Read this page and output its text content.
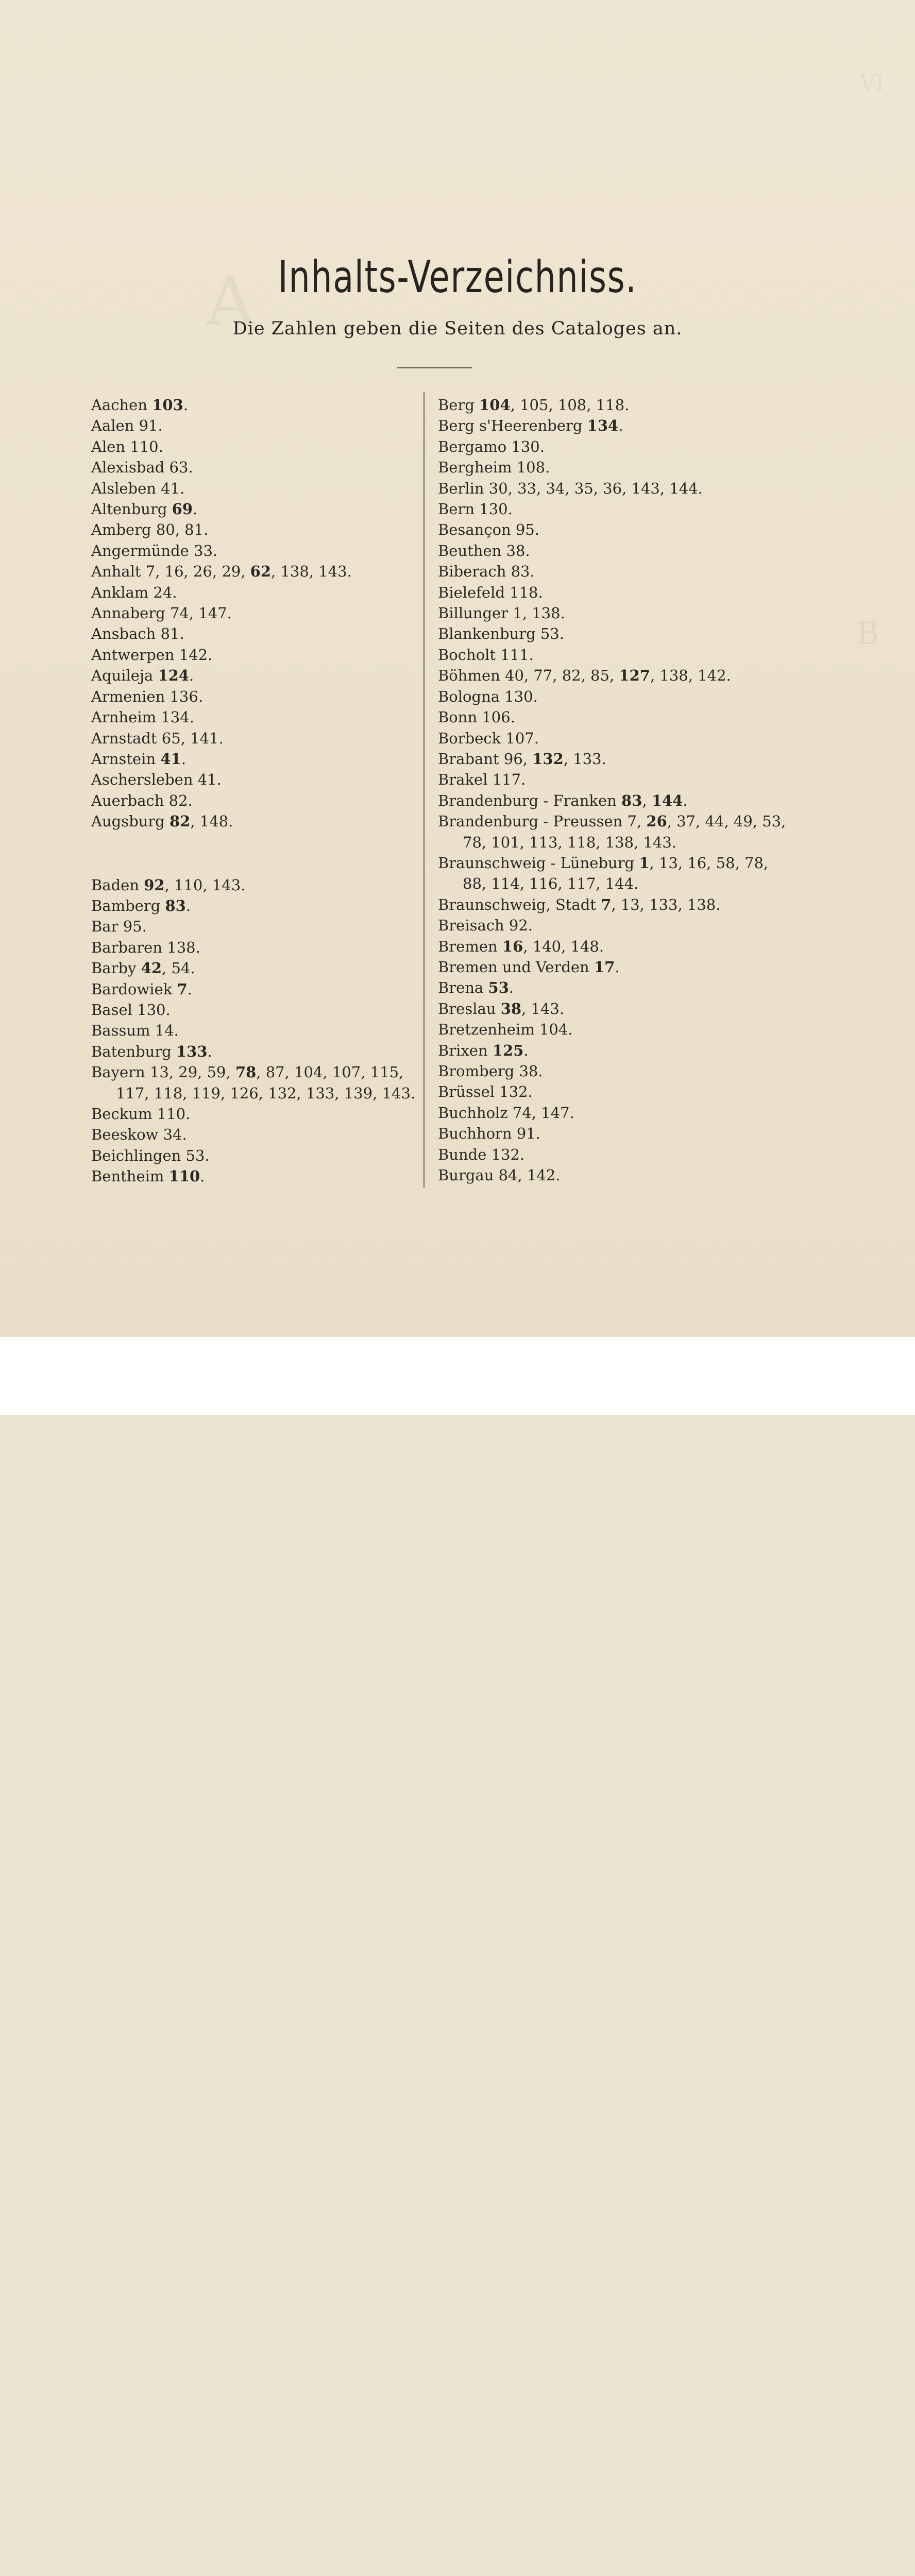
VI
A
B
Inhalts-Verzeichniss.
Die Zahlen geben die Seiten des Cataloges an.
Aachen 103.
Aalen 91.
Alen 110.
Alexisbad 63.
Alsleben 41.
Altenburg 69.
Amberg 80, 81.
Angermünde 33.
Anhalt 7, 16, 26, 29, 62, 138, 143.
Anklam 24.
Annaberg 74, 147.
Ansbach 81.
Antwerpen 142.
Aquileja 124.
Armenien 136.
Arnheim 134.
Arnstadt 65, 141.
Arnstein 41.
Aschersleben 41.
Auerbach 82.
Augsburg 82, 148.
Baden 92, 110, 143.
Bamberg 83.
Bar 95.
Barbaren 138.
Barby 42, 54.
Bardowiek 7.
Basel 130.
Bassum 14.
Batenburg 133.
Bayern 13, 29, 59, 78, 87, 104, 107, 115, 117, 118, 119, 126, 132, 133, 139, 143.
Beckum 110.
Beeskow 34.
Beichlingen 53.
Bentheim 110.
Berg 104, 105, 108, 118.
Berg s'Heerenberg 134.
Bergamo 130.
Bergheim 108.
Berlin 30, 33, 34, 35, 36, 143, 144.
Bern 130.
Besançon 95.
Beuthen 38.
Biberach 83.
Bielefeld 118.
Billunger 1, 138.
Blankenburg 53.
Bocholt 111.
Böhmen 40, 77, 82, 85, 127, 138, 142.
Bologna 130.
Bonn 106.
Borbeck 107.
Brabant 96, 132, 133.
Brakel 117.
Brandenburg - Franken 83, 144.
Brandenburg - Preussen 7, 26, 37, 44, 49, 53, 78, 101, 113, 118, 138, 143.
Braunschweig - Lüneburg 1, 13, 16, 58, 78, 88, 114, 116, 117, 144.
Braunschweig, Stadt 7, 13, 133, 138.
Breisach 92.
Bremen 16, 140, 148.
Bremen und Verden 17.
Brena 53.
Breslau 38, 143.
Bretzenheim 104.
Brixen 125.
Bromberg 38.
Brüssel 132.
Buchholz 74, 147.
Buchhorn 91.
Bunde 132.
Burgau 84, 142.
